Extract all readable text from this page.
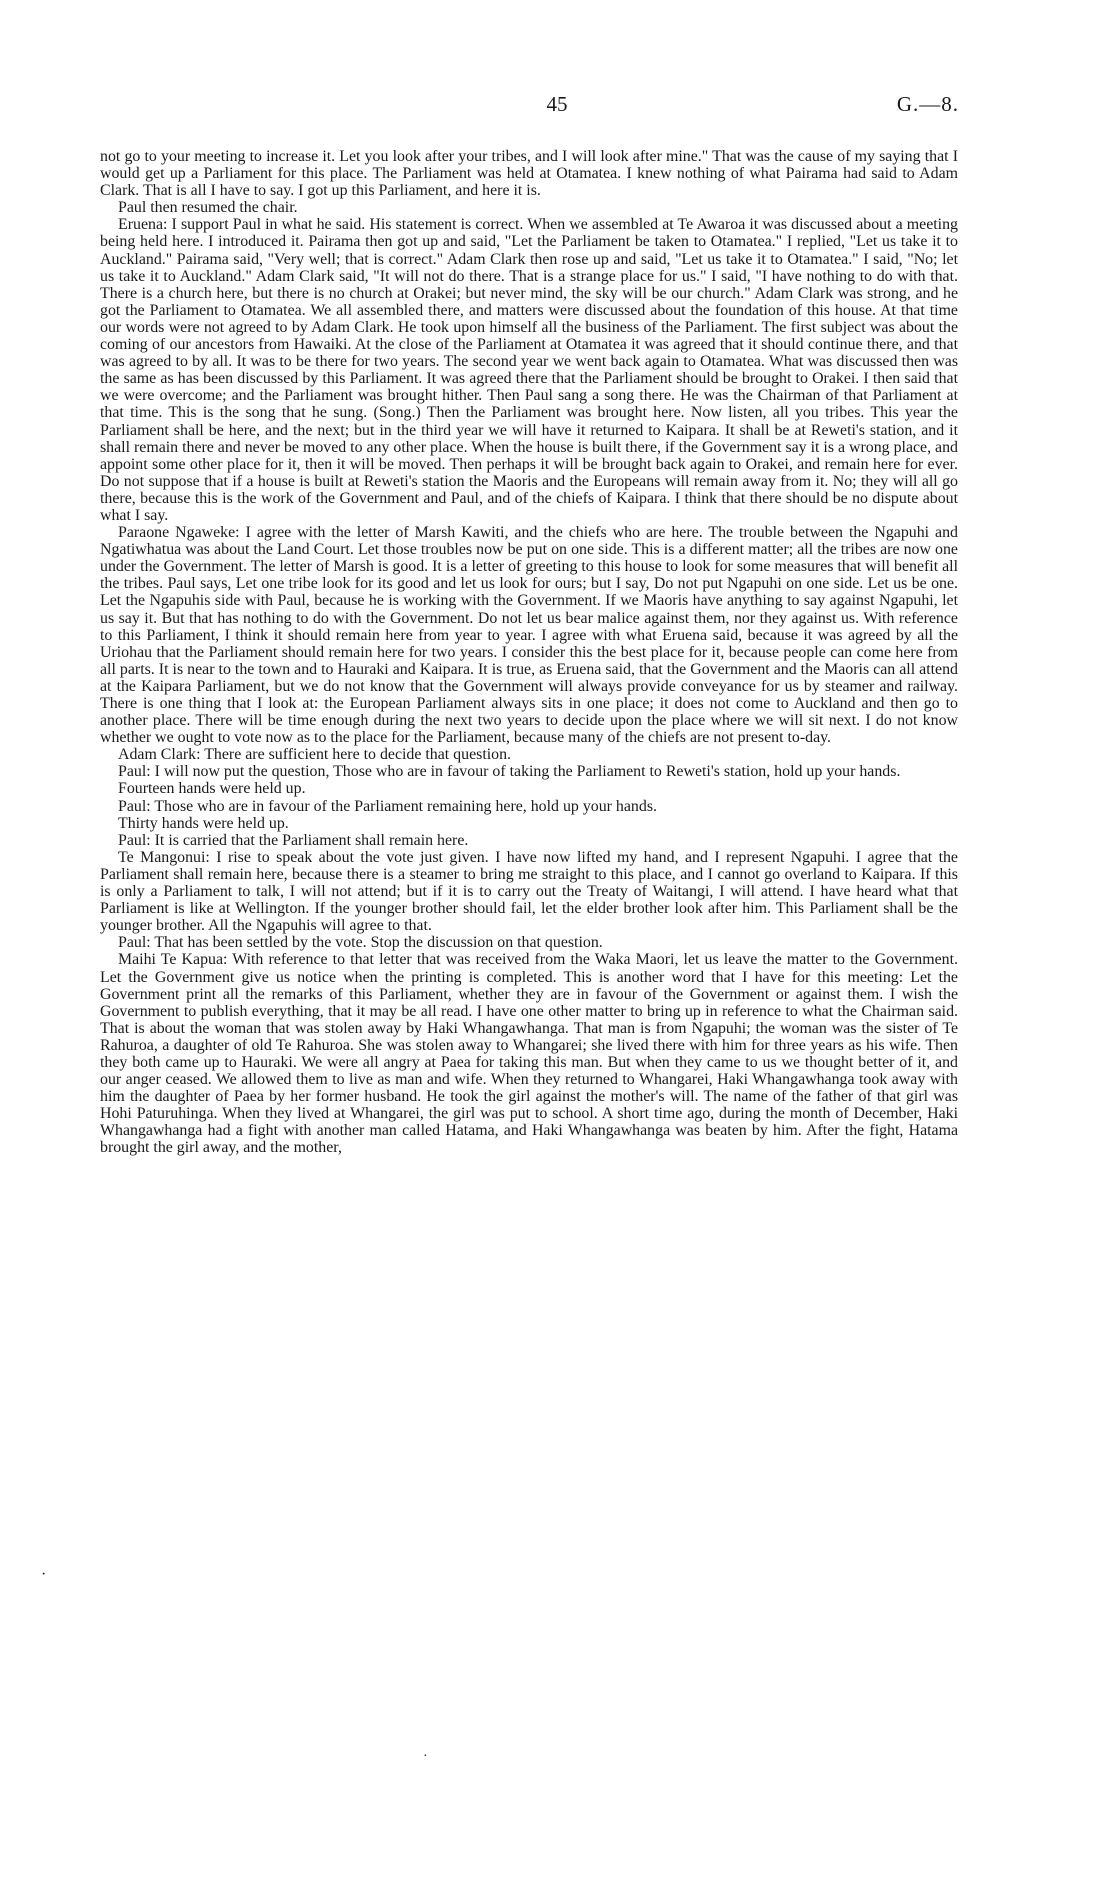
45	G.—8.

not go to your meeting to increase it. Let you look after your tribes, and I will look after mine." That was the cause of my saying that I would get up a Parliament for this place. The Parliament was held at Otamatea. I knew nothing of what Pairama had said to Adam Clark. That is all I have to say. I got up this Parliament, and here it is.

Paul then resumed the chair.

Eruena: I support Paul in what he said. His statement is correct. When we assembled at Te Awaroa it was discussed about a meeting being held here. I introduced it. Pairama then got up and said, "Let the Parliament be taken to Otamatea." I replied, "Let us take it to Auckland." Pairama said, "Very well; that is correct." Adam Clark then rose up and said, "Let us take it to Otamatea." I said, "No; let us take it to Auckland." Adam Clark said, "It will not do there. That is a strange place for us." I said, "I have nothing to do with that. There is a church here, but there is no church at Orakei; but never mind, the sky will be our church." Adam Clark was strong, and he got the Parliament to Otamatea. We all assembled there, and matters were discussed about the foundation of this house. At that time our words were not agreed to by Adam Clark. He took upon himself all the business of the Parliament. The first subject was about the coming of our ancestors from Hawaiki. At the close of the Parliament at Otamatea it was agreed that it should continue there, and that was agreed to by all. It was to be there for two years. The second year we went back again to Otamatea. What was discussed then was the same as has been discussed by this Parliament. It was agreed there that the Parliament should be brought to Orakei. I then said that we were overcome; and the Parliament was brought hither. Then Paul sang a song there. He was the Chairman of that Parliament at that time. This is the song that he sung. (Song.) Then the Parliament was brought here. Now listen, all you tribes. This year the Parliament shall be here, and the next; but in the third year we will have it returned to Kaipara. It shall be at Reweti's station, and it shall remain there and never be moved to any other place. When the house is built there, if the Government say it is a wrong place, and appoint some other place for it, then it will be moved. Then perhaps it will be brought back again to Orakei, and remain here for ever. Do not suppose that if a house is built at Reweti's station the Maoris and the Europeans will remain away from it. No; they will all go there, because this is the work of the Government and Paul, and of the chiefs of Kaipara. I think that there should be no dispute about what I say.

Paraone Ngaweke: I agree with the letter of Marsh Kawiti, and the chiefs who are here. The trouble between the Ngapuhi and Ngatiwhatua was about the Land Court. Let those troubles now be put on one side. This is a different matter; all the tribes are now one under the Government. The letter of Marsh is good. It is a letter of greeting to this house to look for some measures that will benefit all the tribes. Paul says, Let one tribe look for its good and let us look for ours; but I say, Do not put Ngapuhi on one side. Let us be one. Let the Ngapuhis side with Paul, because he is working with the Government. If we Maoris have anything to say against Ngapuhi, let us say it. But that has nothing to do with the Government. Do not let us bear malice against them, nor they against us. With reference to this Parliament, I think it should remain here from year to year. I agree with what Eruena said, because it was agreed by all the Uriohau that the Parliament should remain here for two years. I consider this the best place for it, because people can come here from all parts. It is near to the town and to Hauraki and Kaipara. It is true, as Eruena said, that the Government and the Maoris can all attend at the Kaipara Parliament, but we do not know that the Government will always provide conveyance for us by steamer and railway. There is one thing that I look at: the European Parliament always sits in one place; it does not come to Auckland and then go to another place. There will be time enough during the next two years to decide upon the place where we will sit next. I do not know whether we ought to vote now as to the place for the Parliament, because many of the chiefs are not present to-day.

Adam Clark: There are sufficient here to decide that question.

Paul: I will now put the question, Those who are in favour of taking the Parliament to Reweti's station, hold up your hands.

Fourteen hands were held up.

Paul: Those who are in favour of the Parliament remaining here, hold up your hands.

Thirty hands were held up.

Paul: It is carried that the Parliament shall remain here.

Te Mangonui: I rise to speak about the vote just given. I have now lifted my hand, and I represent Ngapuhi. I agree that the Parliament shall remain here, because there is a steamer to bring me straight to this place, and I cannot go overland to Kaipara. If this is only a Parliament to talk, I will not attend; but if it is to carry out the Treaty of Waitangi, I will attend. I have heard what that Parliament is like at Wellington. If the younger brother should fail, let the elder brother look after him. This Parliament shall be the younger brother. All the Ngapuhis will agree to that.

Paul: That has been settled by the vote. Stop the discussion on that question.

Maihi Te Kapua: With reference to that letter that was received from the Waka Maori, let us leave the matter to the Government. Let the Government give us notice when the printing is completed. This is another word that I have for this meeting: Let the Government print all the remarks of this Parliament, whether they are in favour of the Government or against them. I wish the Government to publish everything, that it may be all read. I have one other matter to bring up in reference to what the Chairman said. That is about the woman that was stolen away by Haki Whangawhanga. That man is from Ngapuhi; the woman was the sister of Te Rahuroa, a daughter of old Te Rahuroa. She was stolen away to Whangarei; she lived there with him for three years as his wife. Then they both came up to Hauraki. We were all angry at Paea for taking this man. But when they came to us we thought better of it, and our anger ceased. We allowed them to live as man and wife. When they returned to Whangarei, Haki Whangawhanga took away with him the daughter of Paea by her former husband. He took the girl against the mother's will. The name of the father of that girl was Hohi Paturuhinga. When they lived at Whangarei, the girl was put to school. A short time ago, during the month of December, Haki Whangawhanga had a fight with another man called Hatama, and Haki Whangawhanga was beaten by him. After the fight, Hatama brought the girl away, and the mother,

·
·
